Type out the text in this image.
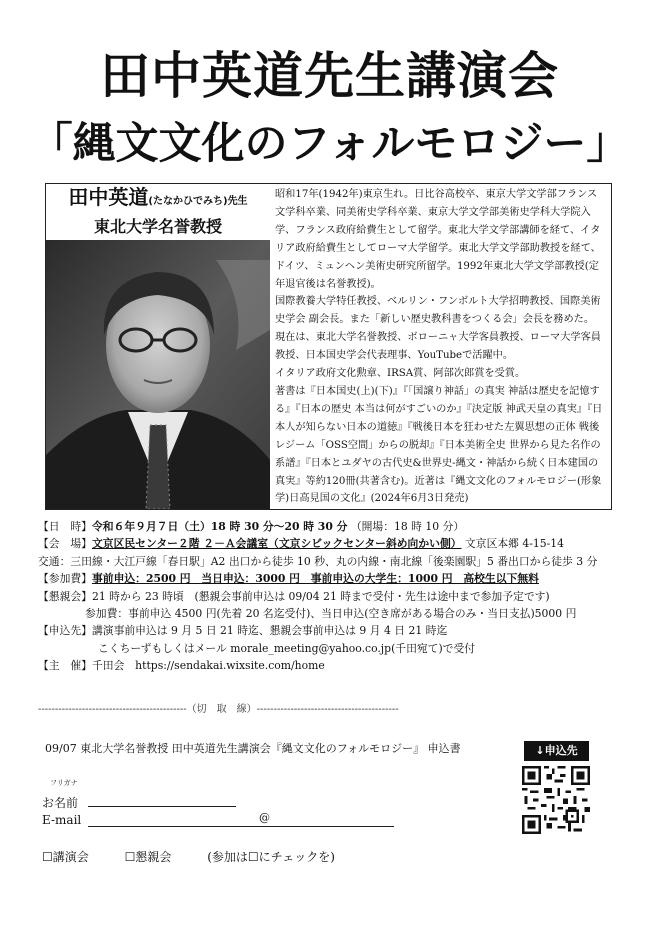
田中英道先生講演会
「縄文文化のフォルモロジー」
田中英道(たなかひでみち)先生
東北大学名誉教授

昭和17年(1942年)東京生れ。日比谷高校卒、東京大学文学部フランス文学科卒業、同美術史学科卒業、東京大学文学部美術史学科大学院入学、フランス政府給費生として留学。東北大学文学部講師を経て、イタリア政府給費生としてローマ大学留学。東北大学文学部助教授を経て、ドイツ、ミュンヘン美術史研究所留学。1992年東北大学文学部教授(定年退官後は名誉教授)。

国際教養大学特任教授、ベルリン・フンボルト大学招聘教授、国際美術史学会 副会長。また「新しい歴史教科書をつくる会」会長を務めた。

現在は、東北大学名誉教授、ボローニャ大学客員教授、ローマ大学客員教授、日本国史学会代表理事、YouTubeで活躍中。

イタリア政府文化勲章、IRSA賞、阿部次郎賞を受賞。

著書は『日本国史(上)(下)』『「国譲り神話」の真実 神話は歴史を記憶する』『日本の歴史 本当は何がすごいのか』『決定版 神武天皇の真実』『日本人が知らない日本の道徳』『戦後日本を狂わせた左翼思想の正体 戦後レジーム「OSS空間」からの脱却』『日本美術全史 世界から見た名作の系譜』『日本とユダヤの古代史&世界史-縄文・神話から続く日本建国の真実』等約120冊(共著含む)。近著は『縄文文化のフォルモロジー(形象学)日高見国の文化』(2024年6月3日発売)

【日　時】令和６年９月７日（土）18 時 30 分～20 時 30 分 （開場：18 時 10 分）
【会　場】文京区民センター２階 ２－Ａ会議室（文京シビックセンター斜め向かい側） 文京区本郷 4-15-14
交通：三田線・大江戸線「春日駅」A2 出口から徒歩 10 秒、丸の内線・南北線「後楽園駅」5 番出口から徒歩 3 分
【参加費】事前申込：2500 円　当日申込：3000 円　事前申込の大学生：1000 円　高校生以下無料
【懇親会】21 時から 23 時頃　(懇親会事前申込は 09/04 21 時まで受付・先生は途中まで参加予定です)
参加費：事前申込 4500 円(先着 20 名迄受付)、当日申込(空き席がある場合のみ・当日支払)5000 円
【申込先】講演事前申込は 9 月 5 日 21 時迄、懇親会事前申込は 9 月 4 日 21 時迄
こくちーずもしくはメール morale_meeting@yahoo.co.jp(千田宛て)で受付
【主　催】千田会　https://sendakai.wixsite.com/home
--------------------------------------------（切　取　線）------------------------------------------
09/07 東北大学名誉教授 田中英道先生講演会『縄文文化のフォルモロジー』 申込書	↓申込先
フリガナ
お名前
E-mail	@
☐講演会	☐懇親会	(参加は☐にチェックを)
